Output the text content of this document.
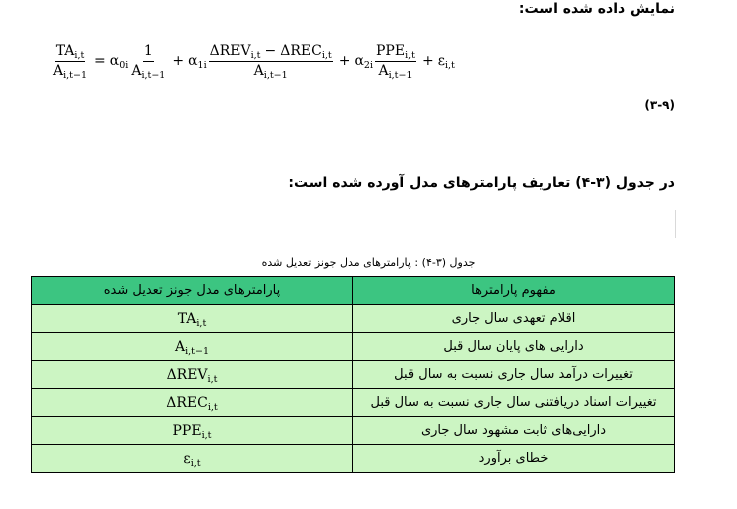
نمایش داده شده است:
$\frac{TA_{i,t}}{A_{i,t-1}} = \alpha_{0i} \frac{1}{A_{i,t-1}} + \alpha_{1i} \frac{\Delta REV_{i,t} - \Delta REC_{i,t}}{A_{i,t-1}} + \alpha_{2i} \frac{PPE_{i,t}}{A_{i,t-1}} + \varepsilon_{i,t}$
(۳-۹)
در جدول (۳-۴) تعاریف پارامترهای مدل آورده شده است:
جدول (۳-۴) : پارامترهای مدل جونز تعدیل شده
مفهوم پارامترها	پارامترهای مدل جونز تعدیل شده
اقلام تعهدی سال جاری	$TA_{i,t}$
دارایی های پایان سال قبل	$A_{i,t-1}$
تغییرات درآمد سال جاری نسبت به سال قبل	$\Delta REV_{i,t}$
تغییرات اسناد دریافتنی سال جاری نسبت به سال قبل	$\Delta REC_{i,t}$
دارایی‌های ثابت مشهود سال جاری	$PPE_{i,t}$
خطای برآورد	$\varepsilon_{i,t}$
